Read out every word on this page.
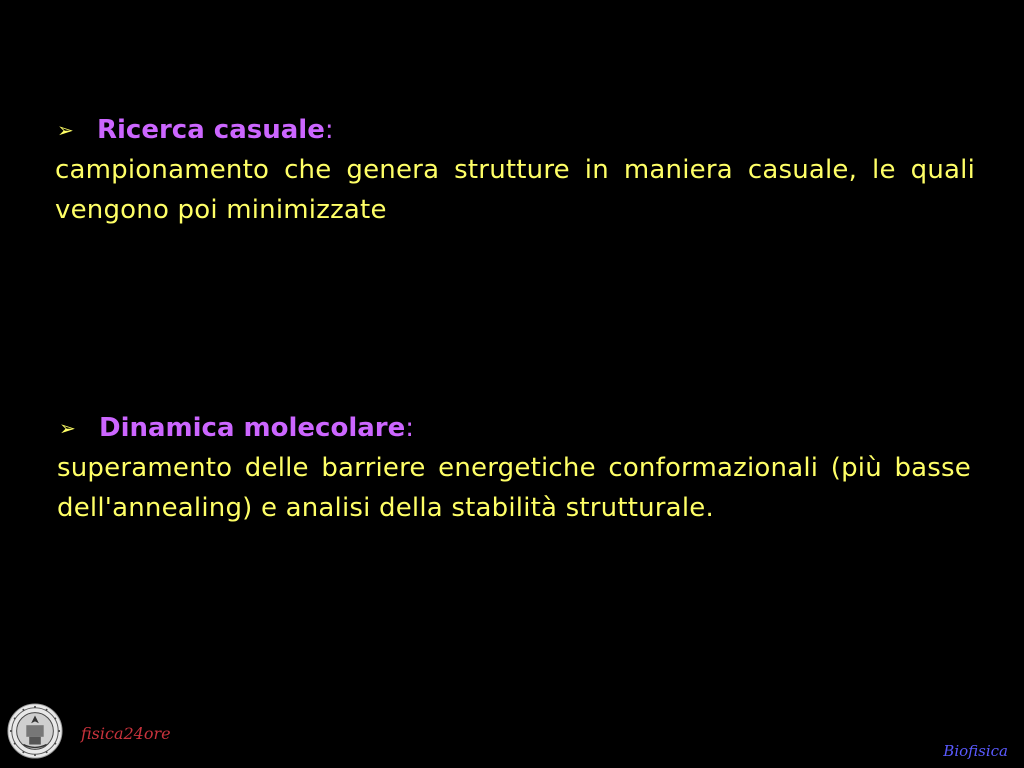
➢ Ricerca casuale :
campionamento che genera strutture in maniera casuale, le quali vengono poi minimizzate
➢ Dinamica molecolare :
superamento delle barriere energetiche conformazionali (più basse dell'annealing) e analisi della stabilità strutturale.
fisica24ore
Biofisica
